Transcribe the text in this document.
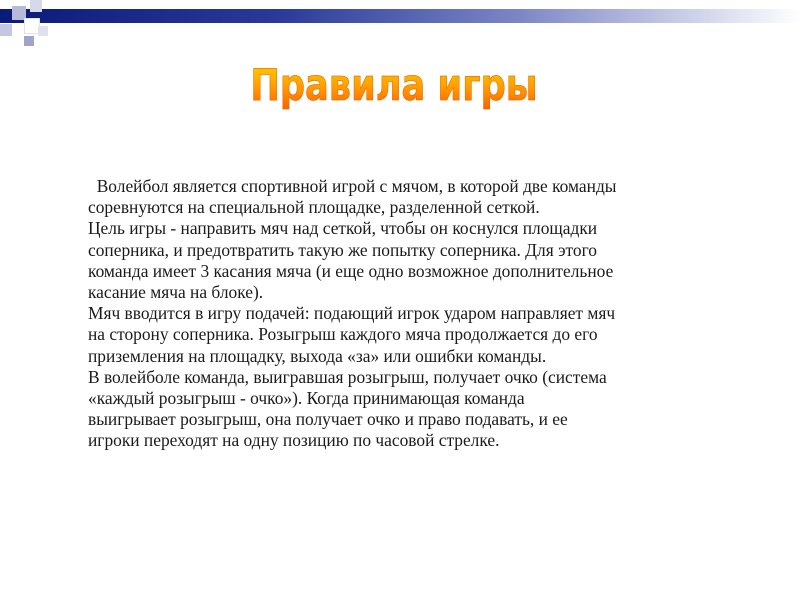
Правила игры
Волейбол является спортивной игрой с мячом, в которой две команды
соревнуются на специальной площадке, разделенной сеткой.
Цель игры - направить мяч над сеткой, чтобы он коснулся площадки
соперника, и предотвратить такую же попытку соперника. Для этого
команда имеет 3 касания мяча (и еще одно возможное дополнительное
касание мяча на блоке).
Мяч вводится в игру подачей: подающий игрок ударом направляет мяч
на сторону соперника. Розыгрыш каждого мяча продолжается до его
приземления на площадку, выхода «за» или ошибки команды.
В волейболе команда, выигравшая розыгрыш, получает очко (система
«каждый розыгрыш - очко»). Когда принимающая команда
выигрывает розыгрыш, она получает очко и право подавать, и ее
игроки переходят на одну позицию по часовой стрелке.
